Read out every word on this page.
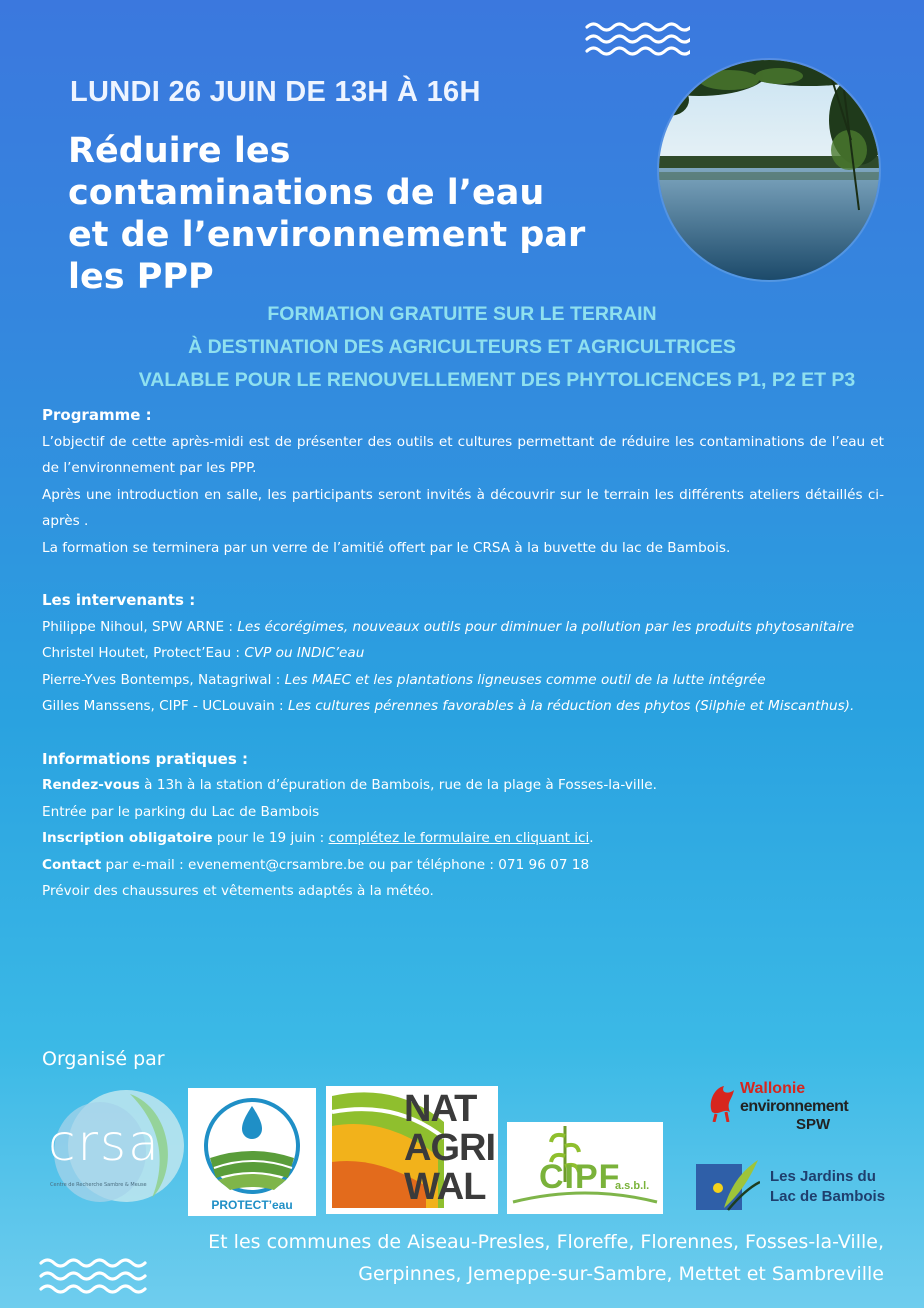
LUNDI 26 JUIN DE 13H À 16H
Réduire les
contaminations de l’eau
et de l’environnement par
les PPP
FORMATION GRATUITE SUR LE TERRAIN
À DESTINATION DES AGRICULTEURS ET AGRICULTRICES
VALABLE POUR LE RENOUVELLEMENT DES PHYTOLICENCES P1, P2 ET P3
Programme :
L’objectif de cette après-midi est de présenter des outils et cultures permettant de réduire les contaminations de l’eau et de l’environnement par les PPP.
Après une introduction en salle, les participants seront invités à découvrir sur le terrain les différents ateliers détaillés ci-après .
La formation se terminera par un verre de l’amitié offert par le CRSA à la buvette du lac de Bambois.
Les intervenants :
Philippe Nihoul, SPW ARNE : Les écorégimes, nouveaux outils pour diminuer la pollution par les produits phytosanitaire
Christel Houtet, Protect’Eau : CVP ou INDIC’eau
Pierre-Yves Bontemps, Natagriwal : Les MAEC et les plantations ligneuses comme outil de la lutte intégrée
Gilles Manssens, CIPF - UCLouvain : Les cultures pérennes favorables à la réduction des phytos (Silphie et Miscanthus).
Informations pratiques :
Rendez-vous à 13h à la station d’épuration de Bambois, rue de la plage à Fosses-la-ville.
Entrée par le parking du Lac de Bambois
Inscription obligatoire pour le 19 juin : complétez le formulaire en cliquant ici.
Contact par e-mail : evenement@crsambre.be ou par téléphone : 071 96 07 18
Prévoir des chaussures et vêtements adaptés à la météo.
Organisé par
crsa
Centre de Recherche Sambre & Meuse
PROTECT’eau
NAT
AGRI
WAL CIPF
a.s.b.l.
Wallonie
environnement
SPW
Les Jardins du
Lac de Bambois
Et les communes de Aiseau-Presles, Floreffe, Florennes, Fosses-la-Ville,
Gerpinnes, Jemeppe-sur-Sambre, Mettet et Sambreville
